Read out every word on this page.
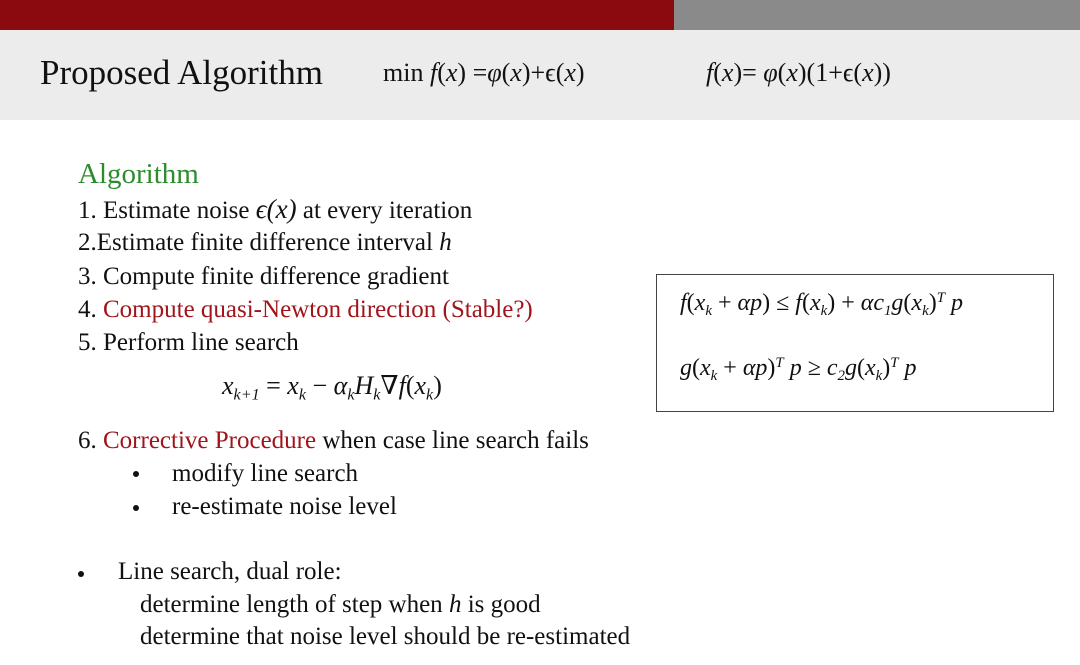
Proposed Algorithm min f(x) =φ(x)+ϵ(x)	f(x)= φ(x)(1+ϵ(x))
Algorithm
1. Estimate noise ϵ(x) at every iteration
2.Estimate finite difference interval h
3. Compute finite difference gradient
4. Compute quasi-Newton direction (Stable?)
5. Perform line search
$x_{k+1} = x_k - \alpha_kH_k\nabla f(x_k)$
6. Corrective Procedure when case line search fails
modify line search
re-estimate noise level
$f(x_k + \alpha p) \le f(x_k) + \alpha c_1g(x_k)^T$ p
$g(x_k + \alpha p)^T$ $p \ge c_2g(x_k)^T$ p
Line search, dual role:
determine length of step when h is good
determine that noise level should be re-estimated
